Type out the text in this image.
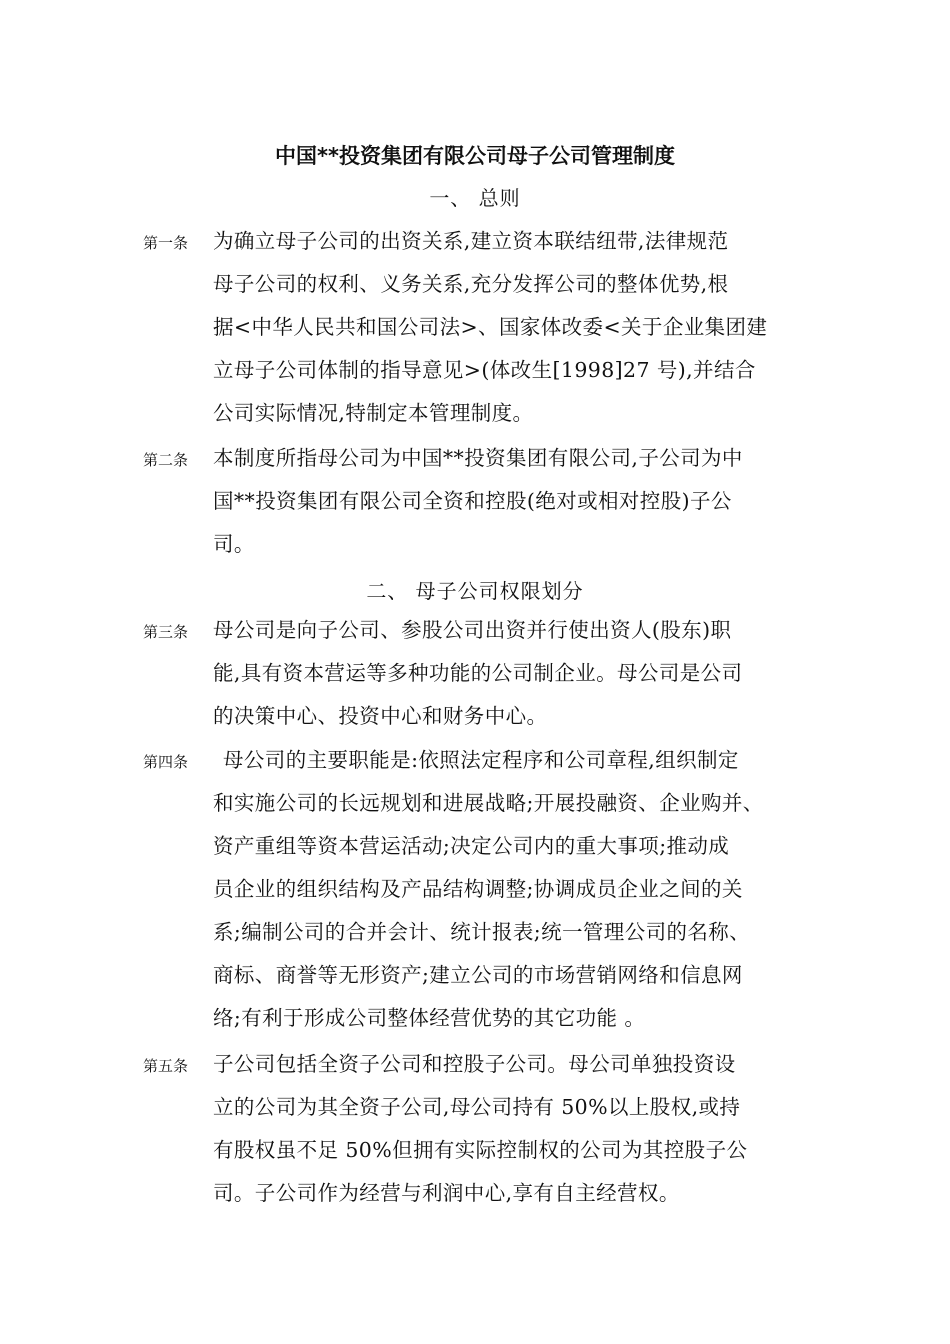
中国**投资集团有限公司母子公司管理制度
一、 总则
第一条	为确立母子公司的出资关系,建立资本联结纽带,法律规范
母子公司的权利、义务关系,充分发挥公司的整体优势,根
据<中华人民共和国公司法>、国家体改委<关于企业集团建
立母子公司体制的指导意见>(体改生[1998]27 号),并结合
公司实际情况,特制定本管理制度。
第二条	本制度所指母公司为中国**投资集团有限公司,子公司为中
国**投资集团有限公司全资和控股(绝对或相对控股)子公
司。
二、 母子公司权限划分
第三条	母公司是向子公司、参股公司出资并行使出资人(股东)职
能,具有资本营运等多种功能的公司制企业。母公司是公司
的决策中心、投资中心和财务中心。
第四条	母公司的主要职能是:依照法定程序和公司章程,组织制定
和实施公司的长远规划和进展战略;开展投融资、企业购并、
资产重组等资本营运活动;决定公司内的重大事项;推动成
员企业的组织结构及产品结构调整;协调成员企业之间的关
系;编制公司的合并会计、统计报表;统一管理公司的名称、
商标、商誉等无形资产;建立公司的市场营销网络和信息网
络;有利于形成公司整体经营优势的其它功能 。
第五条	子公司包括全资子公司和控股子公司。母公司单独投资设
立的公司为其全资子公司,母公司持有 50%以上股权,或持
有股权虽不足 50%但拥有实际控制权的公司为其控股子公
司。子公司作为经营与利润中心,享有自主经营权。
